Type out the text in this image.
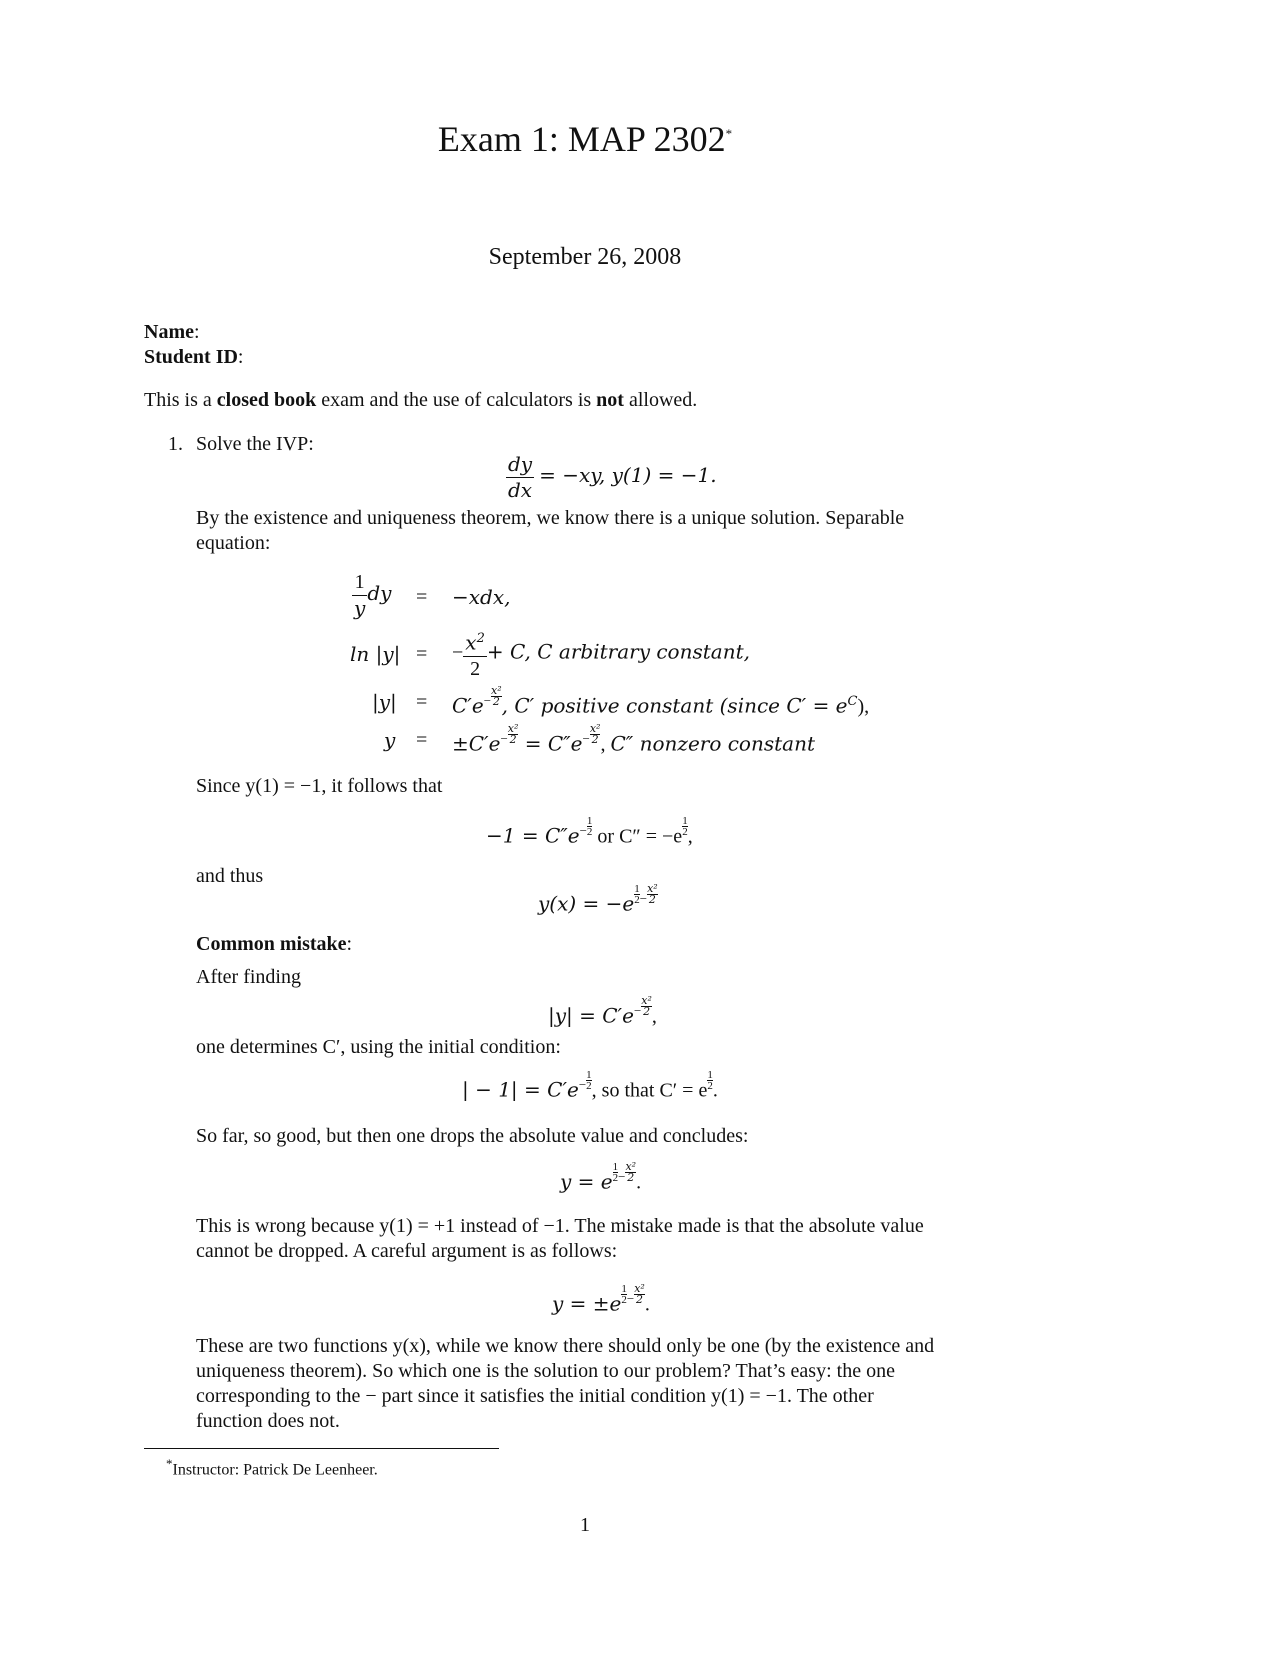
Exam 1: MAP 2302*
September 26, 2008
Name:
Student ID:
This is a closed book exam and the use of calculators is not allowed.
1. Solve the IVP:
$\frac{dy}{dx} = -xy$, y(1) = −1.
By the existence and uniqueness theorem, we know there is a unique solution. Separable
equation:
$\frac{1}{y}$ dy = −xdx,
ln |y| = − $\frac{x^2}{2} + C$, C arbitrary constant,
$|y| = C'e^- \frac{\text{x²}}{2}$ , C′ positive constant (since $C' = e^C$),
$y = \pm C'e^- \frac{\text{x²}}{2} = C''e^- \frac{\text{x²}}{2}$ , C″ nonzero constant
Since y(1) = −1, it follows that
$-1 = C''e^- \frac{1}{2}$ or $C'' = -e \frac{1}{2}$ ,
and thus
$y(x) = -e \frac{1}{2} ^- \frac{\text{x²}}{2}$
Common mistake:
After finding
$|y| = C'e^- \frac{\text{x²}}{2}$ ,
one determines C′, using the initial condition:
| − $1| = C'e^- \frac{1}{2}$ , so that C′ = e $\frac{1}{2}$ .
So far, so good, but then one drops the absolute value and concludes:
y = e $\frac{1}{2} ^- \frac{\text{x²}}{2}$ .
This is wrong because y(1) = +1 instead of −1. The mistake made is that the absolute value
cannot be dropped. A careful argument is as follows:
$y = \pm e \frac{1}{2} ^- \frac{\text{x²}}{2}$ .
These are two functions y(x), while we know there should only be one (by the existence and
uniqueness theorem). So which one is the solution to our problem? That’s easy: the one
corresponding to the − part since it satisfies the initial condition y(1) = −1. The other
function does not.
*Instructor: Patrick De Leenheer.
1
